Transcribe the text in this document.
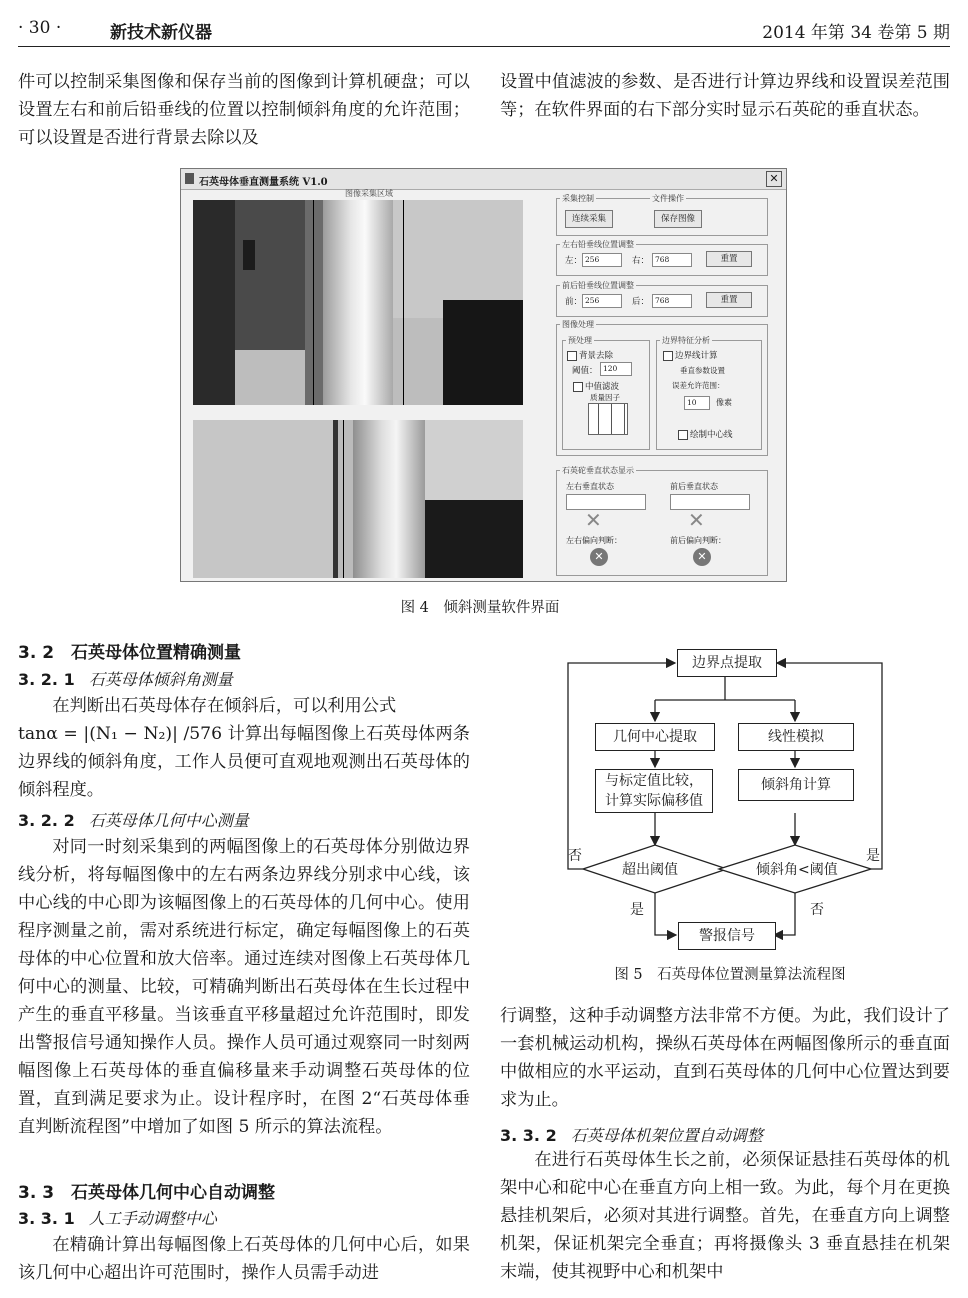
· 30 ·	新技术新仪器	2014 年第 34 卷第 5 期

件可以控制采集图像和保存当前的图像到计算机硬盘；可以设置左右和前后铅垂线的位置以控制倾斜角度的允许范围；可以设置是否进行背景去除以及

设置中值滤波的参数、是否进行计算边界线和设置误差范围等；在软件界面的右下部分实时显示石英砣的垂直状态。

石英母体垂直测量系统 V1.0	✕
图像采集区域
采集控制	文件操作
连续采集	保存图像
左右铅垂线位置调整
左： 256	右： 768	重置
前后铅垂线位置调整
前： 256	后： 768	重置
图像处理
预处理
背景去除
阈值： 120
中值滤波
质量因子
边界特征分析
边界线计算
垂直参数设置
误差允许范围：
10	像素
绘制中心线
石英砣垂直状态显示
左右垂直状态	前后垂直状态
✕	✕
左右偏向判断：	前后偏向判断：
✕	✕

图 4　倾斜测量软件界面

3. 2　石英母体位置精确测量

3. 2. 1 石英母体倾斜角测量

在判断出石英母体存在倾斜后，可以利用公式

tanα = |(N₁ − N₂)| /576 计算出每幅图像上石英母体两条边界线的倾斜角度，工作人员便可直观地观测出石英母体的倾斜程度。

3. 2. 2 石英母体几何中心测量

对同一时刻采集到的两幅图像上的石英母体分别做边界线分析，将每幅图像中的左右两条边界线分别求中心线，该中心线的中心即为该幅图像上的石英母体的几何中心。使用程序测量之前，需对系统进行标定，确定每幅图像上的石英母体的中心位置和放大倍率。通过连续对图像上石英母体几何中心的测量、比较，可精确判断出石英母体在生长过程中产生的垂直平移量。当该垂直平移量超过允许范围时，即发出警报信号通知操作人员。操作人员可通过观察同一时刻两幅图像上石英母体的垂直偏移量来手动调整石英母体的位置，直到满足要求为止。设计程序时，在图 2“石英母体垂直判断流程图”中增加了如图 5 所示的算法流程。

3. 3　石英母体几何中心自动调整

3. 3. 1 人工手动调整中心

在精确计算出每幅图像上石英母体的几何中心后，如果该几何中心超出许可范围时，操作人员需手动进

边界点提取
几何中心提取	线性模拟
与标定值比较，
计算实际偏移值
倾斜角计算
超出阈值	倾斜角<阈值
警报信号
否	是
是	否

图 5　石英母体位置测量算法流程图

行调整，这种手动调整方法非常不方便。为此，我们设计了一套机械运动机构，操纵石英母体在两幅图像所示的垂直面中做相应的水平运动，直到石英母体的几何中心位置达到要求为止。

3. 3. 2 石英母体机架位置自动调整

在进行石英母体生长之前，必须保证悬挂石英母体的机架中心和砣中心在垂直方向上相一致。为此，每个月在更换悬挂机架后，必须对其进行调整。首先，在垂直方向上调整机架，保证机架完全垂直；再将摄像头 3 垂直悬挂在机架末端，使其视野中心和机架中
